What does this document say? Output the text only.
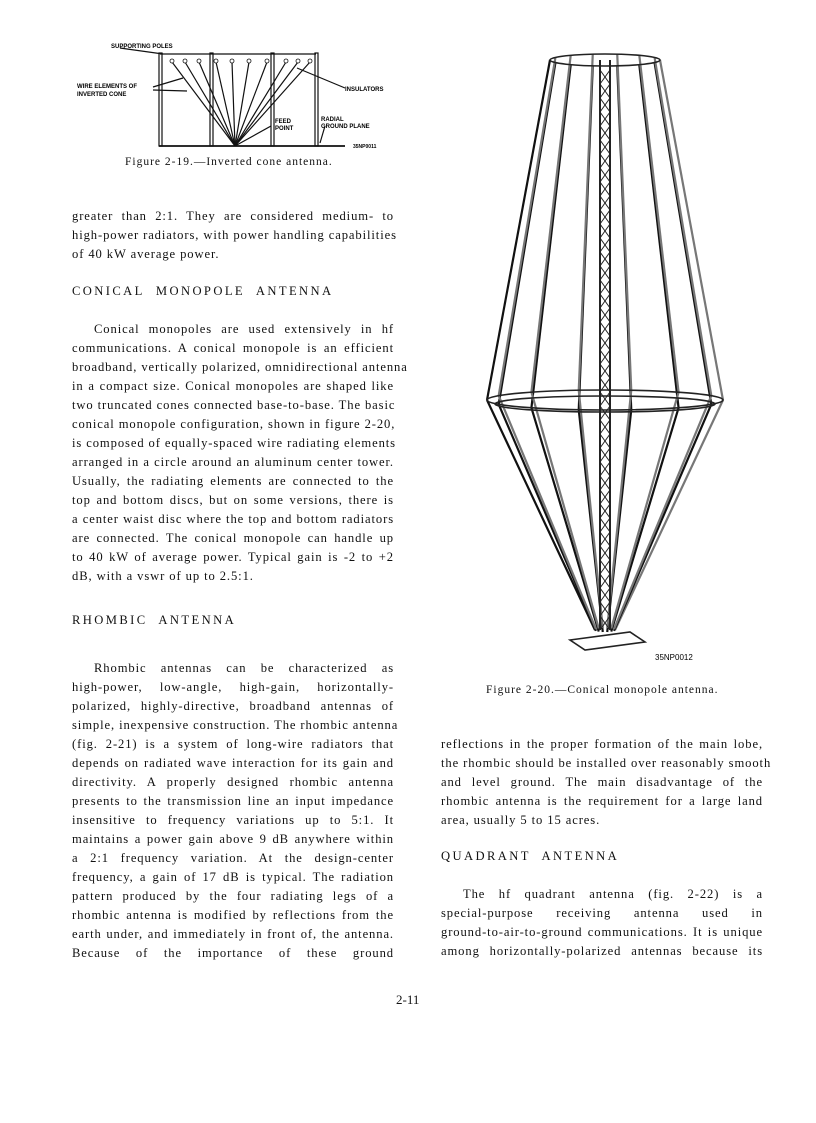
SUPPORTING POLES
WIRE ELEMENTS OF
INVERTED CONE
INSULATORS
FEED
POINT
RADIAL
GROUND PLANE
35NP0011
Figure 2-19.—Inverted cone antenna.
greater than 2:1. They are considered medium- to
high-power radiators, with power handling capabilities
of 40 kW average power.
CONICAL MONOPOLE ANTENNA
Conical monopoles are used extensively in hf
communications. A conical monopole is an efficient
broadband, vertically polarized, omnidirectional antenna
in a compact size. Conical monopoles are shaped like
two truncated cones connected base-to-base. The basic
conical monopole configuration, shown in figure 2-20,
is composed of equally-spaced wire radiating elements
arranged in a circle around an aluminum center tower.
Usually, the radiating elements are connected to the
top and bottom discs, but on some versions, there is
a center waist disc where the top and bottom radiators
are connected. The conical monopole can handle up
to 40 kW of average power. Typical gain is -2 to +2
dB, with a vswr of up to 2.5:1.
RHOMBIC ANTENNA
Rhombic antennas can be characterized as
high-power, low-angle, high-gain, horizontally-
polarized, highly-directive, broadband antennas of
simple, inexpensive construction. The rhombic antenna
(fig. 2-21) is a system of long-wire radiators that
depends on radiated wave interaction for its gain and
directivity. A properly designed rhombic antenna
presents to the transmission line an input impedance
insensitive to frequency variations up to 5:1. It
maintains a power gain above 9 dB anywhere within
a 2:1 frequency variation. At the design-center
frequency, a gain of 17 dB is typical. The radiation
pattern produced by the four radiating legs of a
rhombic antenna is modified by reflections from the
earth under, and immediately in front of, the antenna.
Because of the importance of these ground
35NP0012
Figure 2-20.—Conical monopole antenna.
reflections in the proper formation of the main lobe,
the rhombic should be installed over reasonably smooth
and level ground. The main disadvantage of the
rhombic antenna is the requirement for a large land
area, usually 5 to 15 acres.
QUADRANT ANTENNA
The hf quadrant antenna (fig. 2-22) is a
special-purpose receiving antenna used in
ground-to-air-to-ground communications. It is unique
among horizontally-polarized antennas because its
2-11
